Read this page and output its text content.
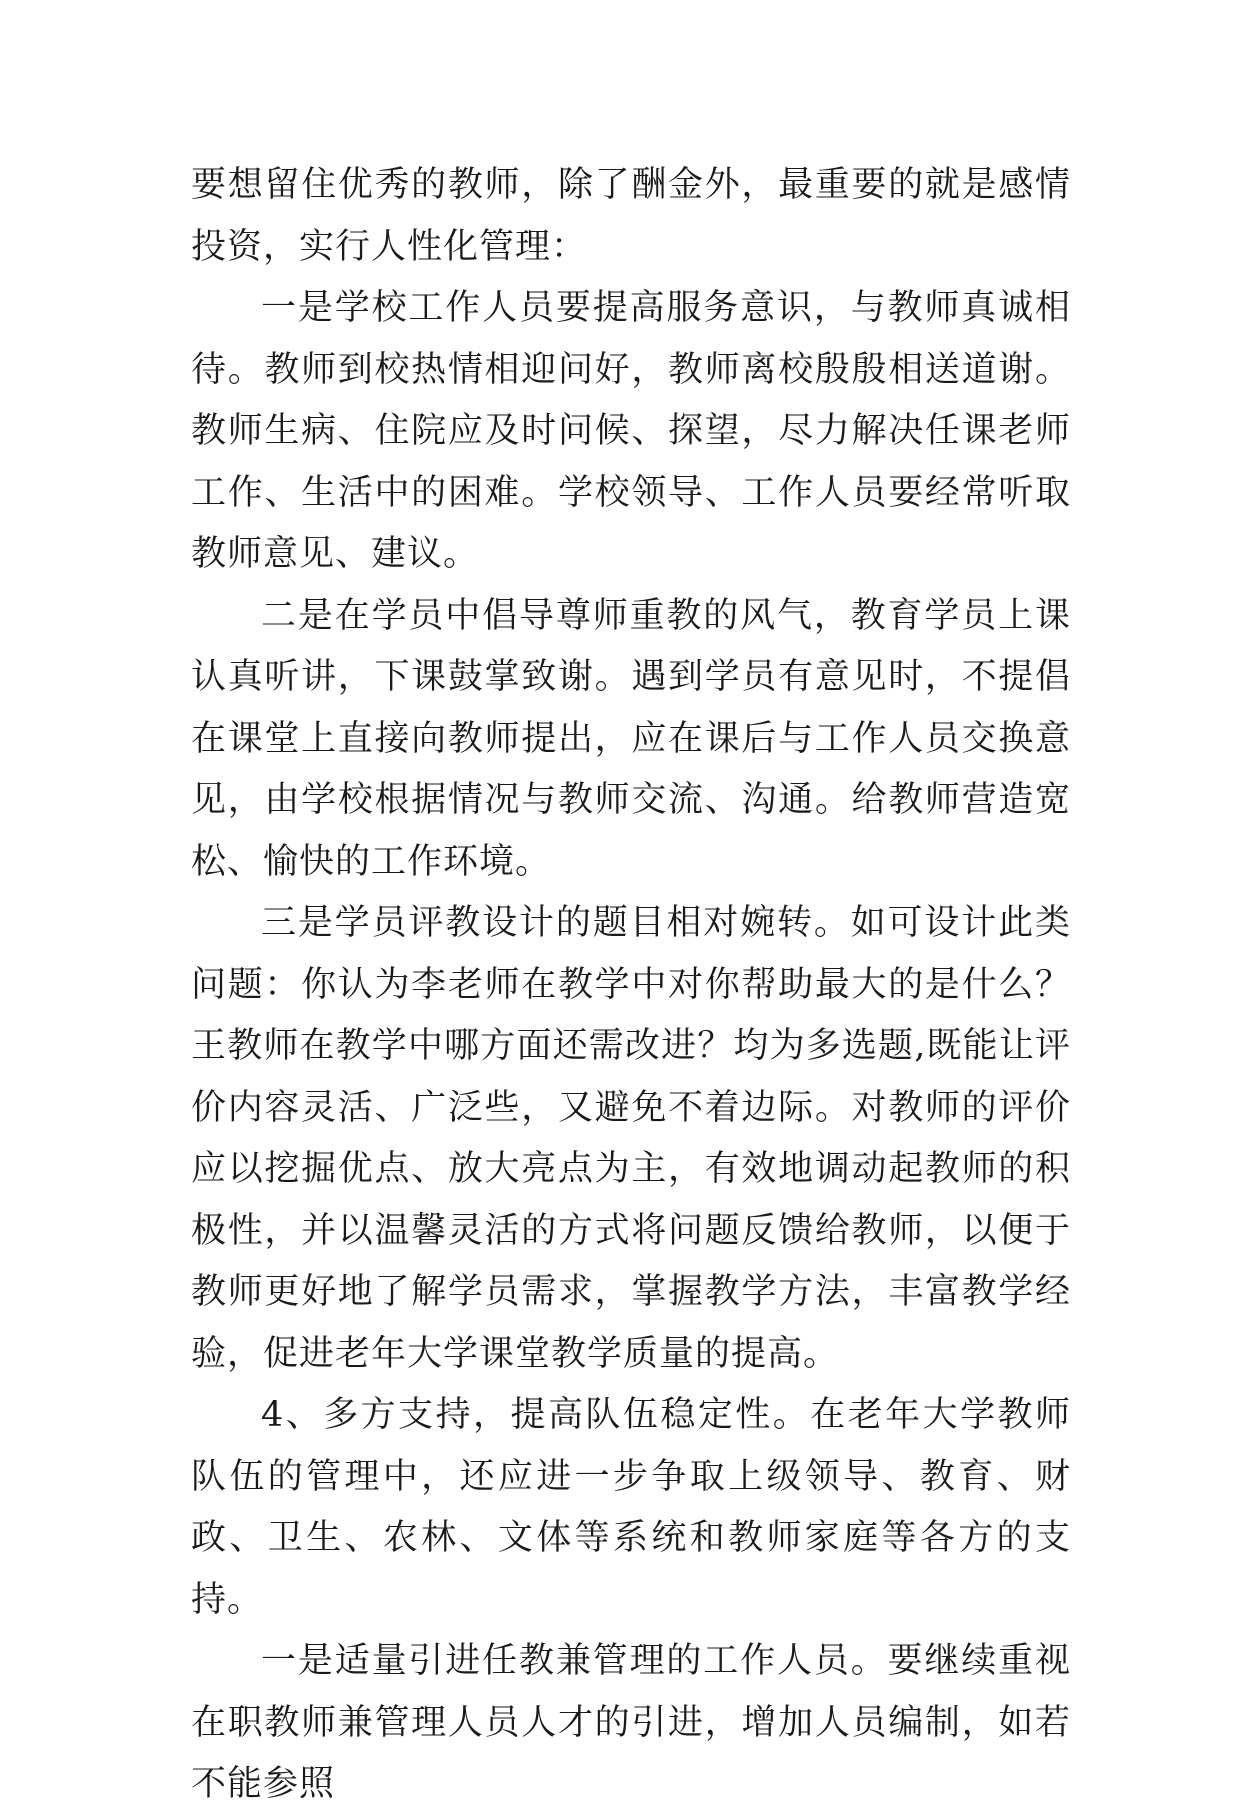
要想留住优秀的教师，除了酬金外，最重要的就是感情投资，实行人性化管理：

一是学校工作人员要提高服务意识，与教师真诚相待。教师到校热情相迎问好，教师离校殷殷相送道谢。教师生病、住院应及时问候、探望，尽力解决任课老师工作、生活中的困难。学校领导、工作人员要经常听取教师意见、建议。

二是在学员中倡导尊师重教的风气，教育学员上课认真听讲，下课鼓掌致谢。遇到学员有意见时，不提倡在课堂上直接向教师提出，应在课后与工作人员交换意见，由学校根据情况与教师交流、沟通。给教师营造宽松、愉快的工作环境。

三是学员评教设计的题目相对婉转。如可设计此类问题：你认为李老师在教学中对你帮助最大的是什么？王教师在教学中哪方面还需改进？均为多选题,既能让评价内容灵活、广泛些，又避免不着边际。对教师的评价应以挖掘优点、放大亮点为主，有效地调动起教师的积极性，并以温馨灵活的方式将问题反馈给教师，以便于教师更好地了解学员需求，掌握教学方法，丰富教学经验，促进老年大学课堂教学质量的提高。

4、多方支持，提高队伍稳定性。在老年大学教师队伍的管理中，还应进一步争取上级领导、教育、财政、卫生、农林、文体等系统和教师家庭等各方的支持。

一是适量引进任教兼管理的工作人员。要继续重视在职教师兼管理人员人才的引进，增加人员编制，如若不能参照
